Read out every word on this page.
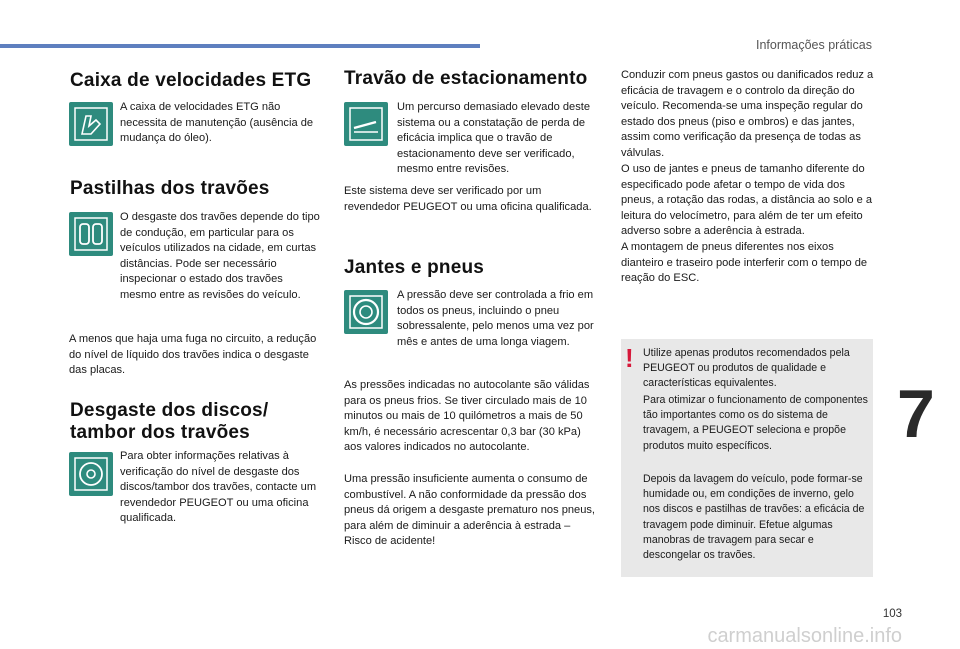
Informações práticas
Caixa de velocidades ETG

A caixa de velocidades ETG não necessita de manutenção (ausência de mudança do óleo).

Pastilhas dos travões

O desgaste dos travões depende do tipo de condução, em particular para os veículos utilizados na cidade, em curtas distâncias. Pode ser necessário inspecionar o estado dos travões mesmo entre as revisões do veículo.

A menos que haja uma fuga no circuito, a redução do nível de líquido dos travões indica o desgaste das placas.

Desgaste dos discos/
tambor dos travões

Para obter informações relativas à verificação do nível de desgaste dos discos/tambor dos travões, contacte um revendedor PEUGEOT ou uma oficina qualificada.

Travão de estacionamento

Um percurso demasiado elevado deste sistema ou a constatação de perda de eficácia implica que o travão de estacionamento deve ser verificado, mesmo entre revisões.

Este sistema deve ser verificado por um revendedor PEUGEOT ou uma oficina qualificada.

Jantes e pneus

A pressão deve ser controlada a frio em todos os pneus, incluindo o pneu sobressalente, pelo menos uma vez por mês e antes de uma longa viagem.

As pressões indicadas no autocolante são válidas para os pneus frios. Se tiver circulado mais de 10 minutos ou mais de 10 quilómetros a mais de 50 km/h, é necessário acrescentar 0,3 bar (30 kPa) aos valores indicados no autocolante.

Uma pressão insuficiente aumenta o consumo de combustível. A não conformidade da pressão dos pneus dá origem a desgaste prematuro nos pneus, para além de diminuir a aderência à estrada – Risco de acidente!

Conduzir com pneus gastos ou danificados reduz a eficácia de travagem e o controlo da direção do veículo. Recomenda-se uma inspeção regular do estado dos pneus (piso e ombros) e das jantes, assim como verificação da presença de todas as válvulas.

O uso de jantes e pneus de tamanho diferente do especificado pode afetar o tempo de vida dos pneus, a rotação das rodas, a distância ao solo e a leitura do velocímetro, para além de ter um efeito adverso sobre a aderência à estrada.

A montagem de pneus diferentes nos eixos dianteiro e traseiro pode interferir com o tempo de reação do ESC.

! Utilize apenas produtos recomendados pela PEUGEOT ou produtos de qualidade e características equivalentes.

Para otimizar o funcionamento de componentes tão importantes como os do sistema de travagem, a PEUGEOT seleciona e propõe produtos muito específicos.

Depois da lavagem do veículo, pode formar-se humidade ou, em condições de inverno, gelo nos discos e pastilhas de travões: a eficácia de travagem pode diminuir. Efetue algumas manobras de travagem para secar e descongelar os travões.

7
103
carmanualsonline.info
